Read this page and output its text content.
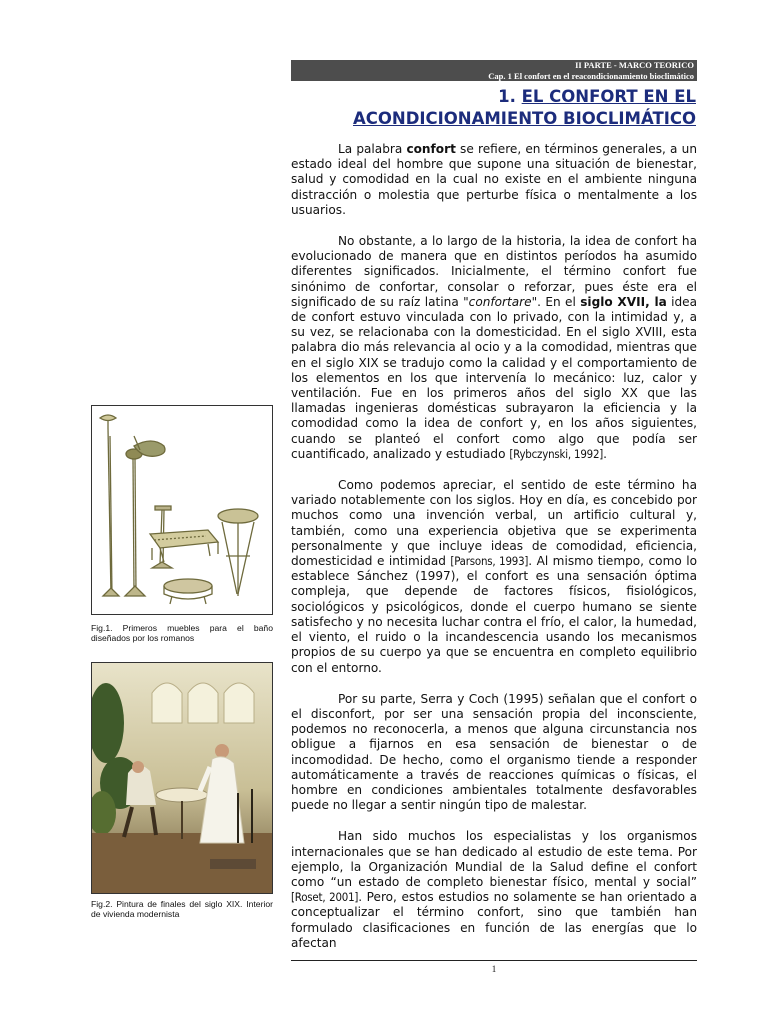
II PARTE - MARCO TEORICO
Cap. 1 El confort en el reacondicionamiento bioclimático
1. EL CONFORT EN EL
ACONDICIONAMIENTO BIOCLIMÁTICO

La palabra confort se refiere, en términos generales, a un estado ideal del hombre que supone una situación de bienestar, salud y comodidad en la cual no existe en el ambiente ninguna distracción o molestia que perturbe física o mentalmente a los usuarios.

No obstante, a lo largo de la historia, la idea de confort ha evolucionado de manera que en distintos períodos ha asumido diferentes significados. Inicialmente, el término confort fue sinónimo de confortar, consolar o reforzar, pues éste era el significado de su raíz latina "confortare". En el siglo XVII, la idea de confort estuvo vinculada con lo privado, con la intimidad y, a su vez, se relacionaba con la domesticidad. En el siglo XVIII, esta palabra dio más relevancia al ocio y a la comodidad, mientras que en el siglo XIX se tradujo como la calidad y el comportamiento de los elementos en los que intervenía lo mecánico: luz, calor y ventilación. Fue en los primeros años del siglo XX que las llamadas ingenieras domésticas subrayaron la eficiencia y la comodidad como la idea de confort y, en los años siguientes, cuando se planteó el confort como algo que podía ser cuantificado, analizado y estudiado [Rybczynski, 1992].

Como podemos apreciar, el sentido de este término ha variado notablemente con los siglos. Hoy en día, es concebido por muchos como una invención verbal, un artificio cultural y, también, como una experiencia objetiva que se experimenta personalmente y que incluye ideas de comodidad, eficiencia, domesticidad e intimidad [Parsons, 1993]. Al mismo tiempo, como lo establece Sánchez (1997), el confort es una sensación óptima compleja, que depende de factores físicos, fisiológicos, sociológicos y psicológicos, donde el cuerpo humano se siente satisfecho y no necesita luchar contra el frío, el calor, la humedad, el viento, el ruido o la incandescencia usando los mecanismos propios de su cuerpo ya que se encuentra en completo equilibrio con el entorno.

Por su parte, Serra y Coch (1995) señalan que el confort o el disconfort, por ser una sensación propia del inconsciente, podemos no reconocerla, a menos que alguna circunstancia nos obligue a fijarnos en esa sensación de bienestar o de incomodidad. De hecho, como el organismo tiende a responder automáticamente a través de reacciones químicas o físicas, el hombre en condiciones ambientales totalmente desfavorables puede no llegar a sentir ningún tipo de malestar.

Han sido muchos los especialistas y los organismos internacionales que se han dedicado al estudio de este tema. Por ejemplo, la Organización Mundial de la Salud define el confort como “un estado de completo bienestar físico, mental y social” [Roset, 2001]. Pero, estos estudios no solamente se han orientado a conceptualizar el término confort, sino que también han formulado clasificaciones en función de las energías que lo afectan

Fig.1. Primeros muebles para el baño diseñados por los romanos

Fig.2. Pintura de finales del siglo XIX. Interior de vivienda modernista

1
